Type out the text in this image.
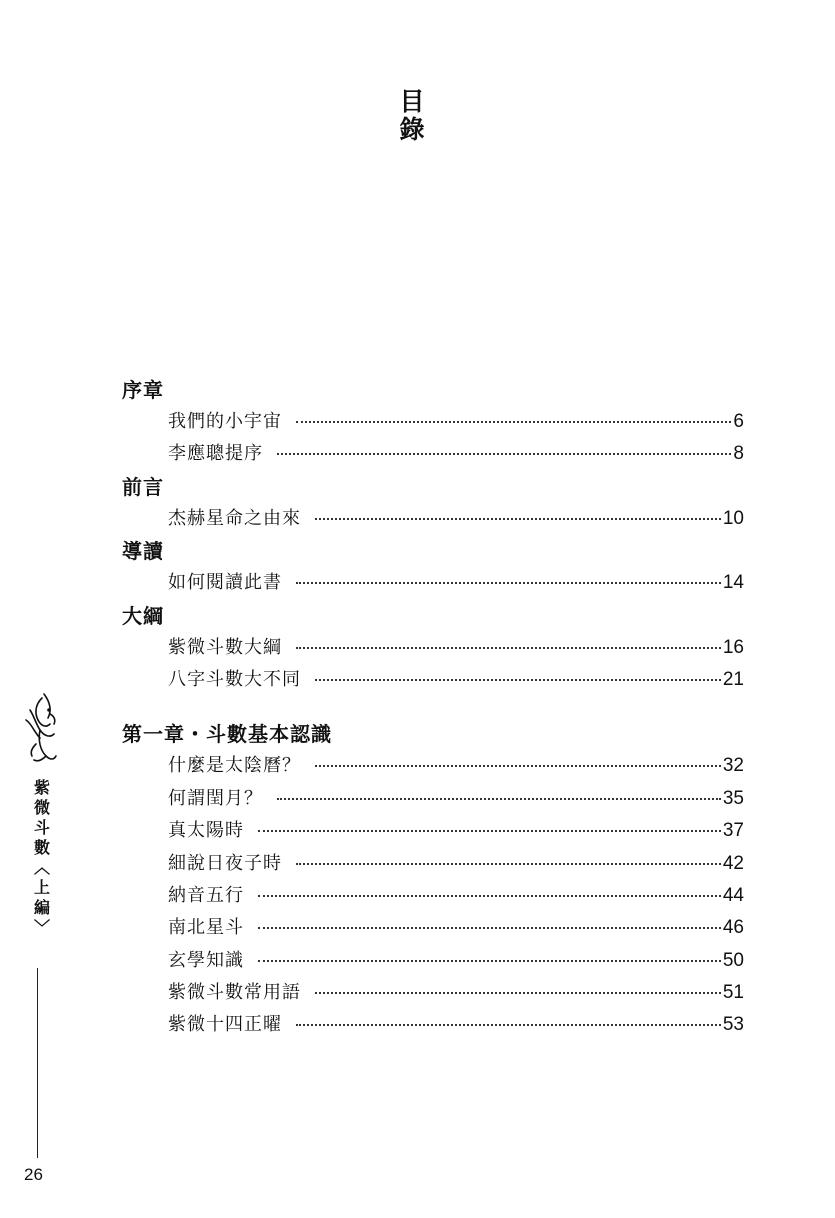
目
錄
序章
我們的小宇宙	6
李應聰提序	8
前言
杰赫星命之由來	10
導讀
如何閱讀此書	14
大綱
紫微斗數大綱	16
八字斗數大不同	21
第一章・斗數基本認識
什麼是太陰曆？	32
何謂閏月？	35
真太陽時	37
細說日夜子時	42
納音五行	44
南北星斗	46
玄學知識	50
紫微斗數常用語	51
紫微十四正曜	53
紫
微
斗
數
︿
上
編
﹀
26
